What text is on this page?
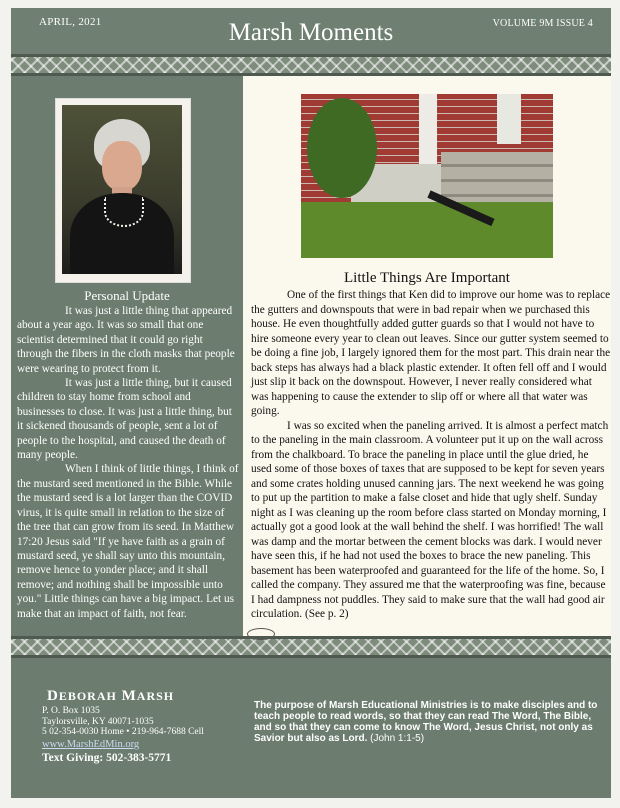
APRIL, 2021	Marsh Moments	VOLUME 9M ISSUE 4
Personal Update

It was just a little thing that appeared about a year ago. It was so small that one scientist determined that it could go right through the fibers in the cloth masks that people were wearing to protect from it.

It was just a little thing, but it caused children to stay home from school and businesses to close. It was just a little thing, but it sickened thousands of people, sent a lot of people to the hospital, and caused the death of many people.

When I think of little things, I think of the mustard seed mentioned in the Bible. While the mustard seed is a lot larger than the COVID virus, it is quite small in relation to the size of the tree that can grow from its seed. In Matthew 17:20 Jesus said "If ye have faith as a grain of mustard seed, ye shall say unto this mountain, remove hence to yonder place; and it shall remove; and nothing shall be impossible unto you." Little things can have a big impact. Let us make that an impact of faith, not fear.

Little Things Are Important

One of the first things that Ken did to improve our home was to replace the gutters and downspouts that were in bad repair when we purchased this house. He even thoughtfully added gutter guards so that I would not have to hire someone every year to clean out leaves. Since our gutter system seemed to be doing a fine job, I largely ignored them for the most part. This drain near the back steps has always had a black plastic extender. It often fell off and I would just slip it back on the downspout. However, I never really considered what was happening to cause the extender to slip off or where all that water was going.

I was so excited when the paneling arrived. It is almost a perfect match to the paneling in the main classroom. A volunteer put it up on the wall across from the chalkboard. To brace the paneling in place until the glue dried, he used some of those boxes of taxes that are supposed to be kept for seven years and some crates holding unused canning jars. The next weekend he was going to put up the partition to make a false closet and hide that ugly shelf. Sunday night as I was cleaning up the room before class started on Monday morning, I actually got a good look at the wall behind the shelf. I was horrified! The wall was damp and the mortar between the cement blocks was dark. I would never have seen this, if he had not used the boxes to brace the new paneling. This basement has been waterproofed and guaranteed for the life of the home. So, I called the company. They assured me that the waterproofing was fine, because I had dampness not puddles. They said to make sure that the wall had good air circulation. (See p. 2)

DEBORAH MARSH
P. O. Box 1035
Taylorsville, KY 40071-1035
5 02-354-0030 Home • 219-964-7688 Cell
www.MarshEdMin.org
Text Giving: 502-383-5771
The purpose of Marsh Educational Ministries is to make disciples and to teach people to read words, so that they can read The Word, The Bible, and so that they can come to know The Word, Jesus Christ, not only as Savior but also as Lord. (John 1:1-5)
